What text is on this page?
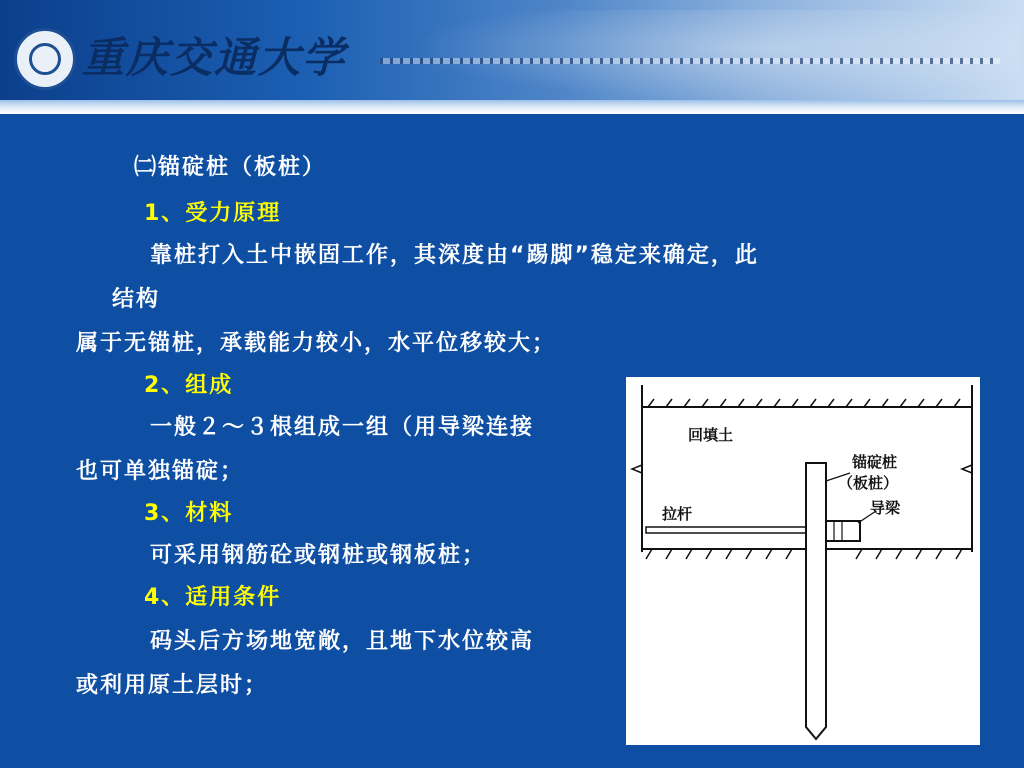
重庆交通大学
㈡锚碇桩（板桩）
1、受力原理
靠桩打入土中嵌固工作，其深度由“踢脚”稳定来确定，此
结构
属于无锚桩，承载能力较小，水平位移较大；
2、组成
一般２～３根组成一组（用导梁连接
也可单独锚碇；
3、材料
可采用钢筋砼或钢桩或钢板桩；
4、适用条件
码头后方场地宽敞，且地下水位较高
或利用原土层时；
回填土
锚碇桩
（板桩）
导梁
拉杆
